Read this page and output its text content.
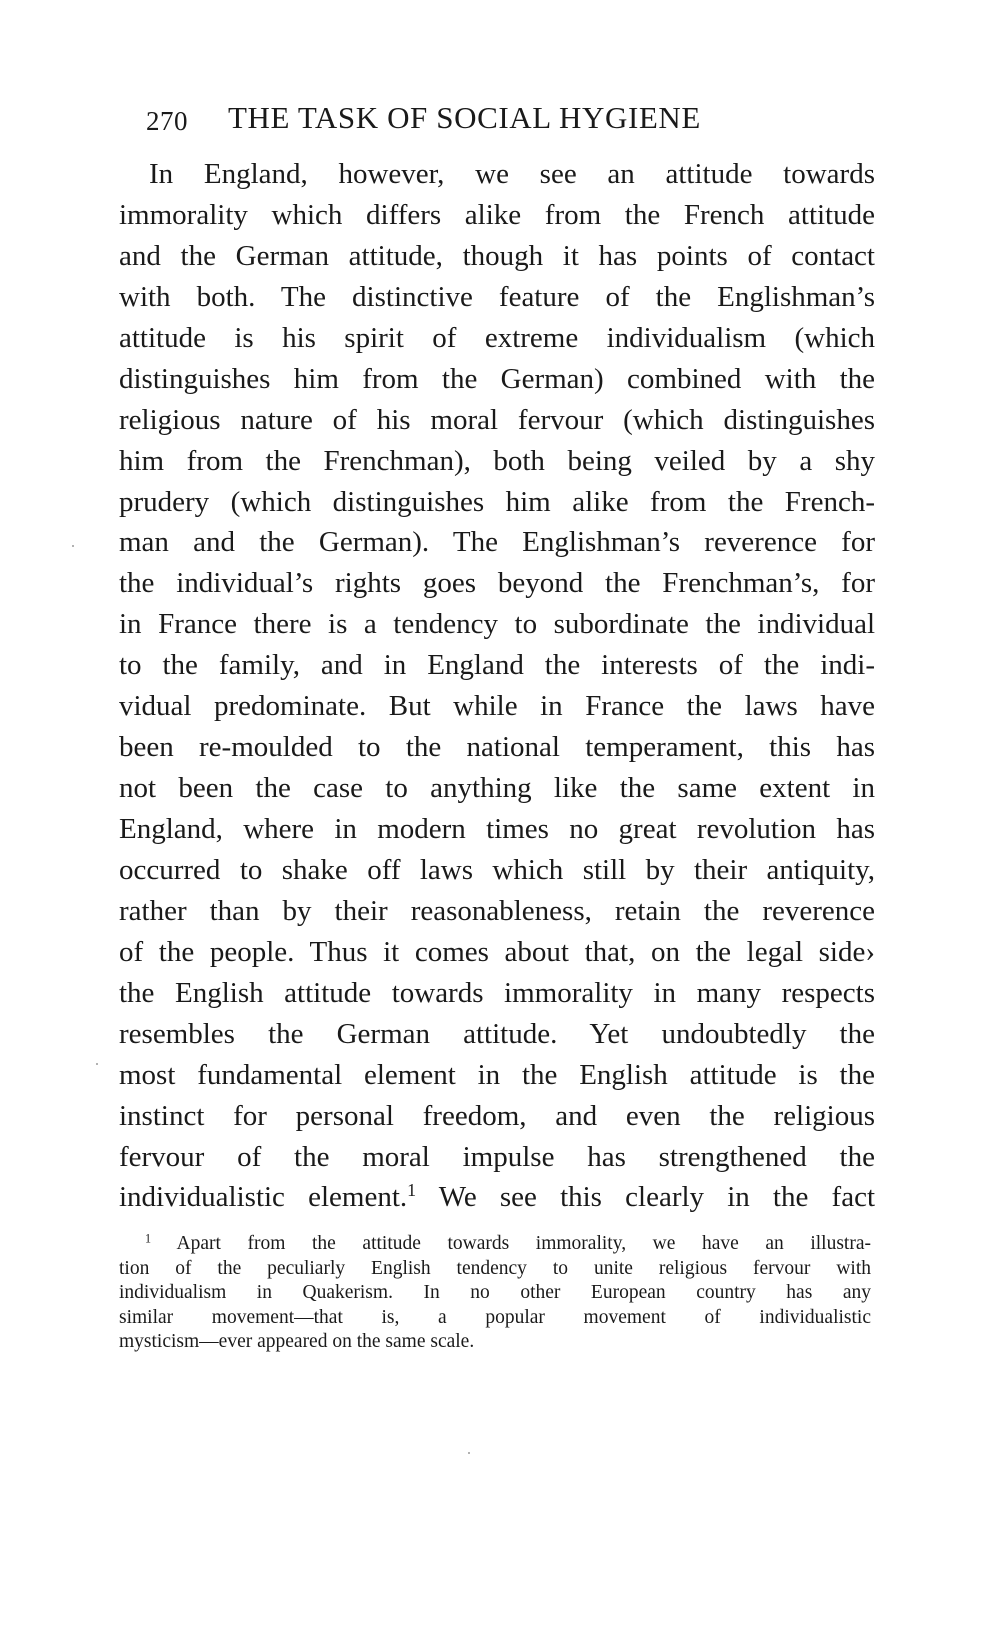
270 THE TASK OF SOCIAL HYGIENE
In England, however, we see an attitude towards
immorality which differs alike from the French attitude
and the German attitude, though it has points of contact
with both. The distinctive feature of the Englishman’s
attitude is his spirit of extreme individualism (which
distinguishes him from the German) combined with the
religious nature of his moral fervour (which distinguishes
him from the Frenchman), both being veiled by a shy
prudery (which distinguishes him alike from the French-
man and the German). The Englishman’s reverence for
the individual’s rights goes beyond the Frenchman’s, for
in France there is a tendency to subordinate the individual
to the family, and in England the interests of the indi-
vidual predominate. But while in France the laws have
been re-moulded to the national temperament, this has
not been the case to anything like the same extent in
England, where in modern times no great revolution has
occurred to shake off laws which still by their antiquity,
rather than by their reasonableness, retain the reverence
of the people. Thus it comes about that, on the legal side›
the English attitude towards immorality in many respects
resembles the German attitude. Yet undoubtedly the
most fundamental element in the English attitude is the
instinct for personal freedom, and even the religious
fervour of the moral impulse has strengthened the
individualistic element.$^1$ We see this clearly in the fact
$^1$ Apart from the attitude towards immorality, we have an illustra-
tion of the peculiarly English tendency to unite religious fervour with
individualism in Quakerism. In no other European country has any
similar movement—that is, a popular movement of individualistic
mysticism—ever appeared on the same scale.
